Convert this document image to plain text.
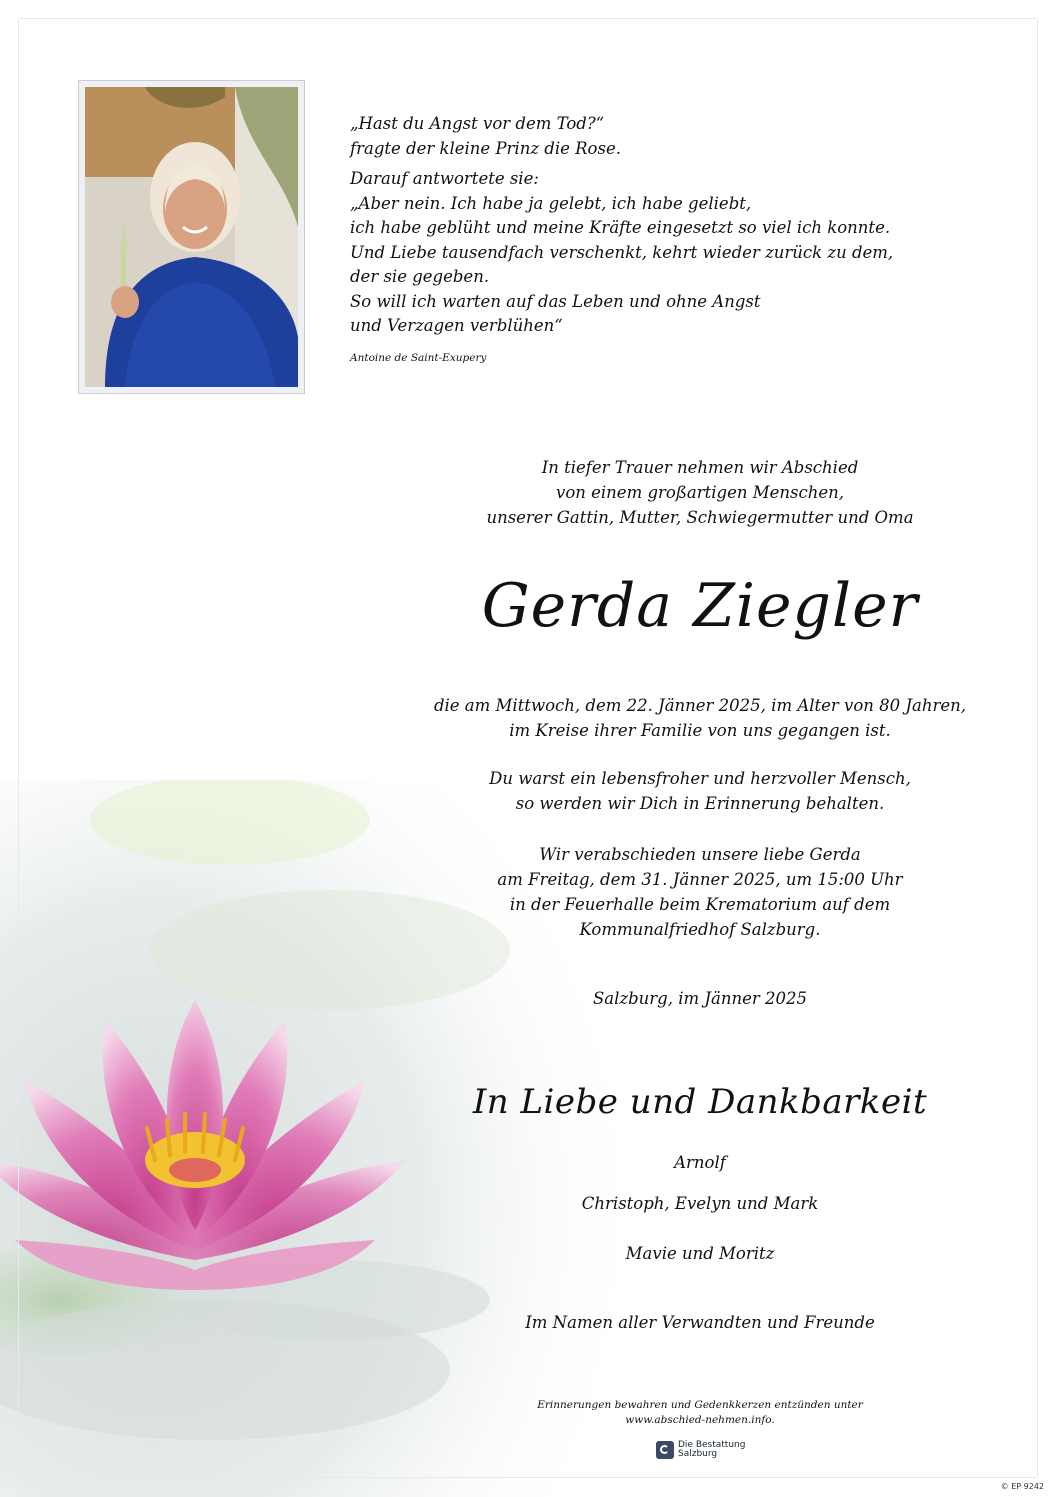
„Hast du Angst vor dem Tod?“
fragte der kleine Prinz die Rose.
Darauf antwortete sie:
„Aber nein. Ich habe ja gelebt, ich habe geliebt,
ich habe geblüht und meine Kräfte eingesetzt so viel ich konnte.
Und Liebe tausendfach verschenkt, kehrt wieder zurück zu dem,
der sie gegeben.
So will ich warten auf das Leben und ohne Angst
und Verzagen verblühen“
Antoine de Saint-Exupery
In tiefer Trauer nehmen wir Abschied
von einem großartigen Menschen,
unserer Gattin, Mutter, Schwiegermutter und Oma
Gerda Ziegler
die am Mittwoch, dem 22. Jänner 2025, im Alter von 80 Jahren,
im Kreise ihrer Familie von uns gegangen ist.
Du warst ein lebensfroher und herzvoller Mensch,
so werden wir Dich in Erinnerung behalten.
Wir verabschieden unsere liebe Gerda
am Freitag, dem 31. Jänner 2025, um 15:00 Uhr
in der Feuerhalle beim Krematorium auf dem
Kommunalfriedhof Salzburg.
Salzburg, im Jänner 2025
In Liebe und Dankbarkeit
Arnolf
Christoph, Evelyn und Mark
Mavie und Moritz
Im Namen aller Verwandten und Freunde
Erinnerungen bewahren und Gedenkkerzen entzünden unter
www.abschied-nehmen.info.
Die Bestattung
Salzburg
© EP 9242
